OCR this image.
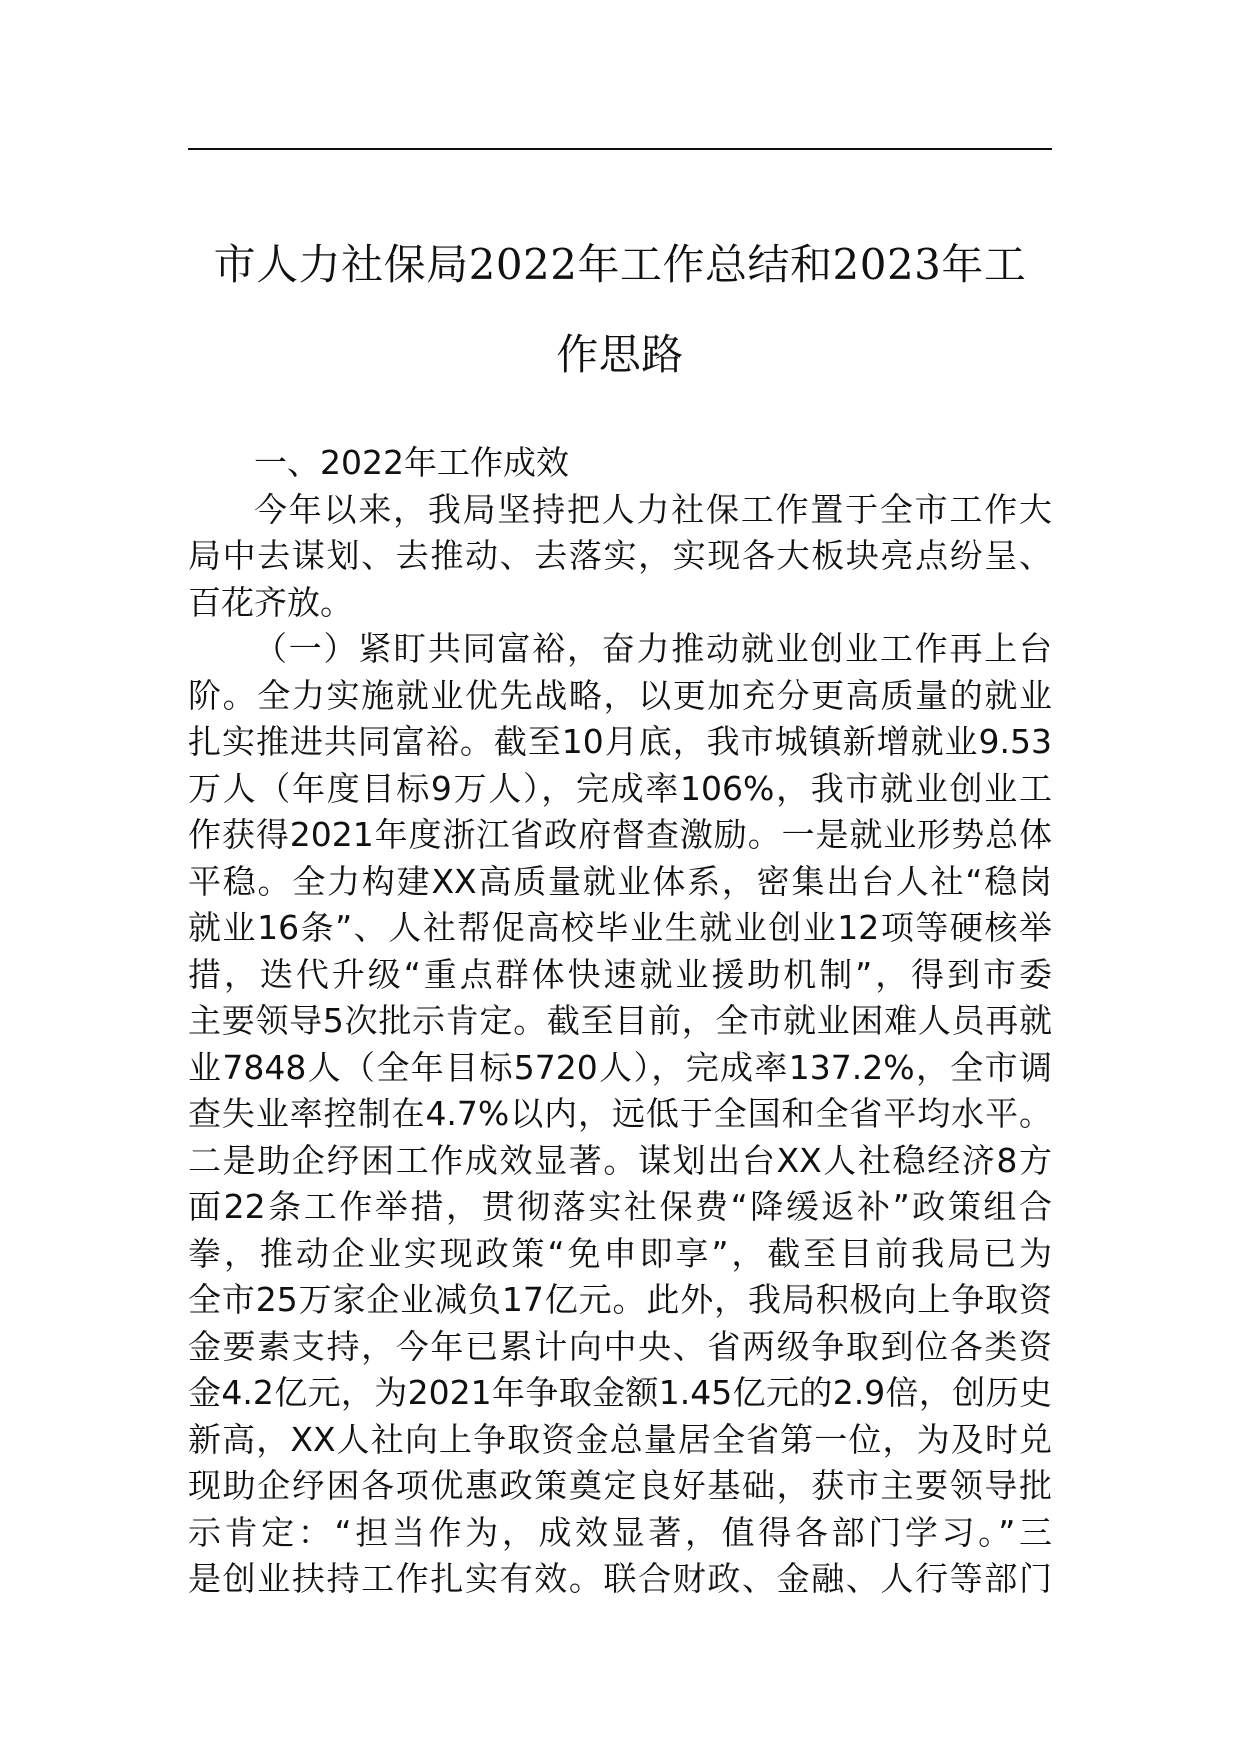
市人力社保局2022年工作总结和2023年工
作思路
一、2022年工作成效
今年以来，我局坚持把人力社保工作置于全市工作大
局中去谋划、去推动、去落实，实现各大板块亮点纷呈、
百花齐放。
（一）紧盯共同富裕，奋力推动就业创业工作再上台
阶。全力实施就业优先战略，以更加充分更高质量的就业
扎实推进共同富裕。截至10月底，我市城镇新增就业9.53
万人（年度目标9万人），完成率106%，我市就业创业工
作获得2021年度浙江省政府督查激励。一是就业形势总体
平稳。全力构建XX高质量就业体系，密集出台人社“稳岗
就业16条”、人社帮促高校毕业生就业创业12项等硬核举
措，迭代升级“重点群体快速就业援助机制”，得到市委
主要领导5次批示肯定。截至目前，全市就业困难人员再就
业7848人（全年目标5720人），完成率137.2%，全市调
查失业率控制在4.7%以内，远低于全国和全省平均水平。
二是助企纾困工作成效显著。谋划出台XX人社稳经济8方
面22条工作举措，贯彻落实社保费“降缓返补”政策组合
拳，推动企业实现政策“免申即享”，截至目前我局已为
全市25万家企业减负17亿元。此外，我局积极向上争取资
金要素支持，今年已累计向中央、省两级争取到位各类资
金4.2亿元，为2021年争取金额1.45亿元的2.9倍，创历史
新高，XX人社向上争取资金总量居全省第一位，为及时兑
现助企纾困各项优惠政策奠定良好基础，获市主要领导批
示肯定：“担当作为，成效显著，值得各部门学习。”三
是创业扶持工作扎实有效。联合财政、金融、人行等部门
